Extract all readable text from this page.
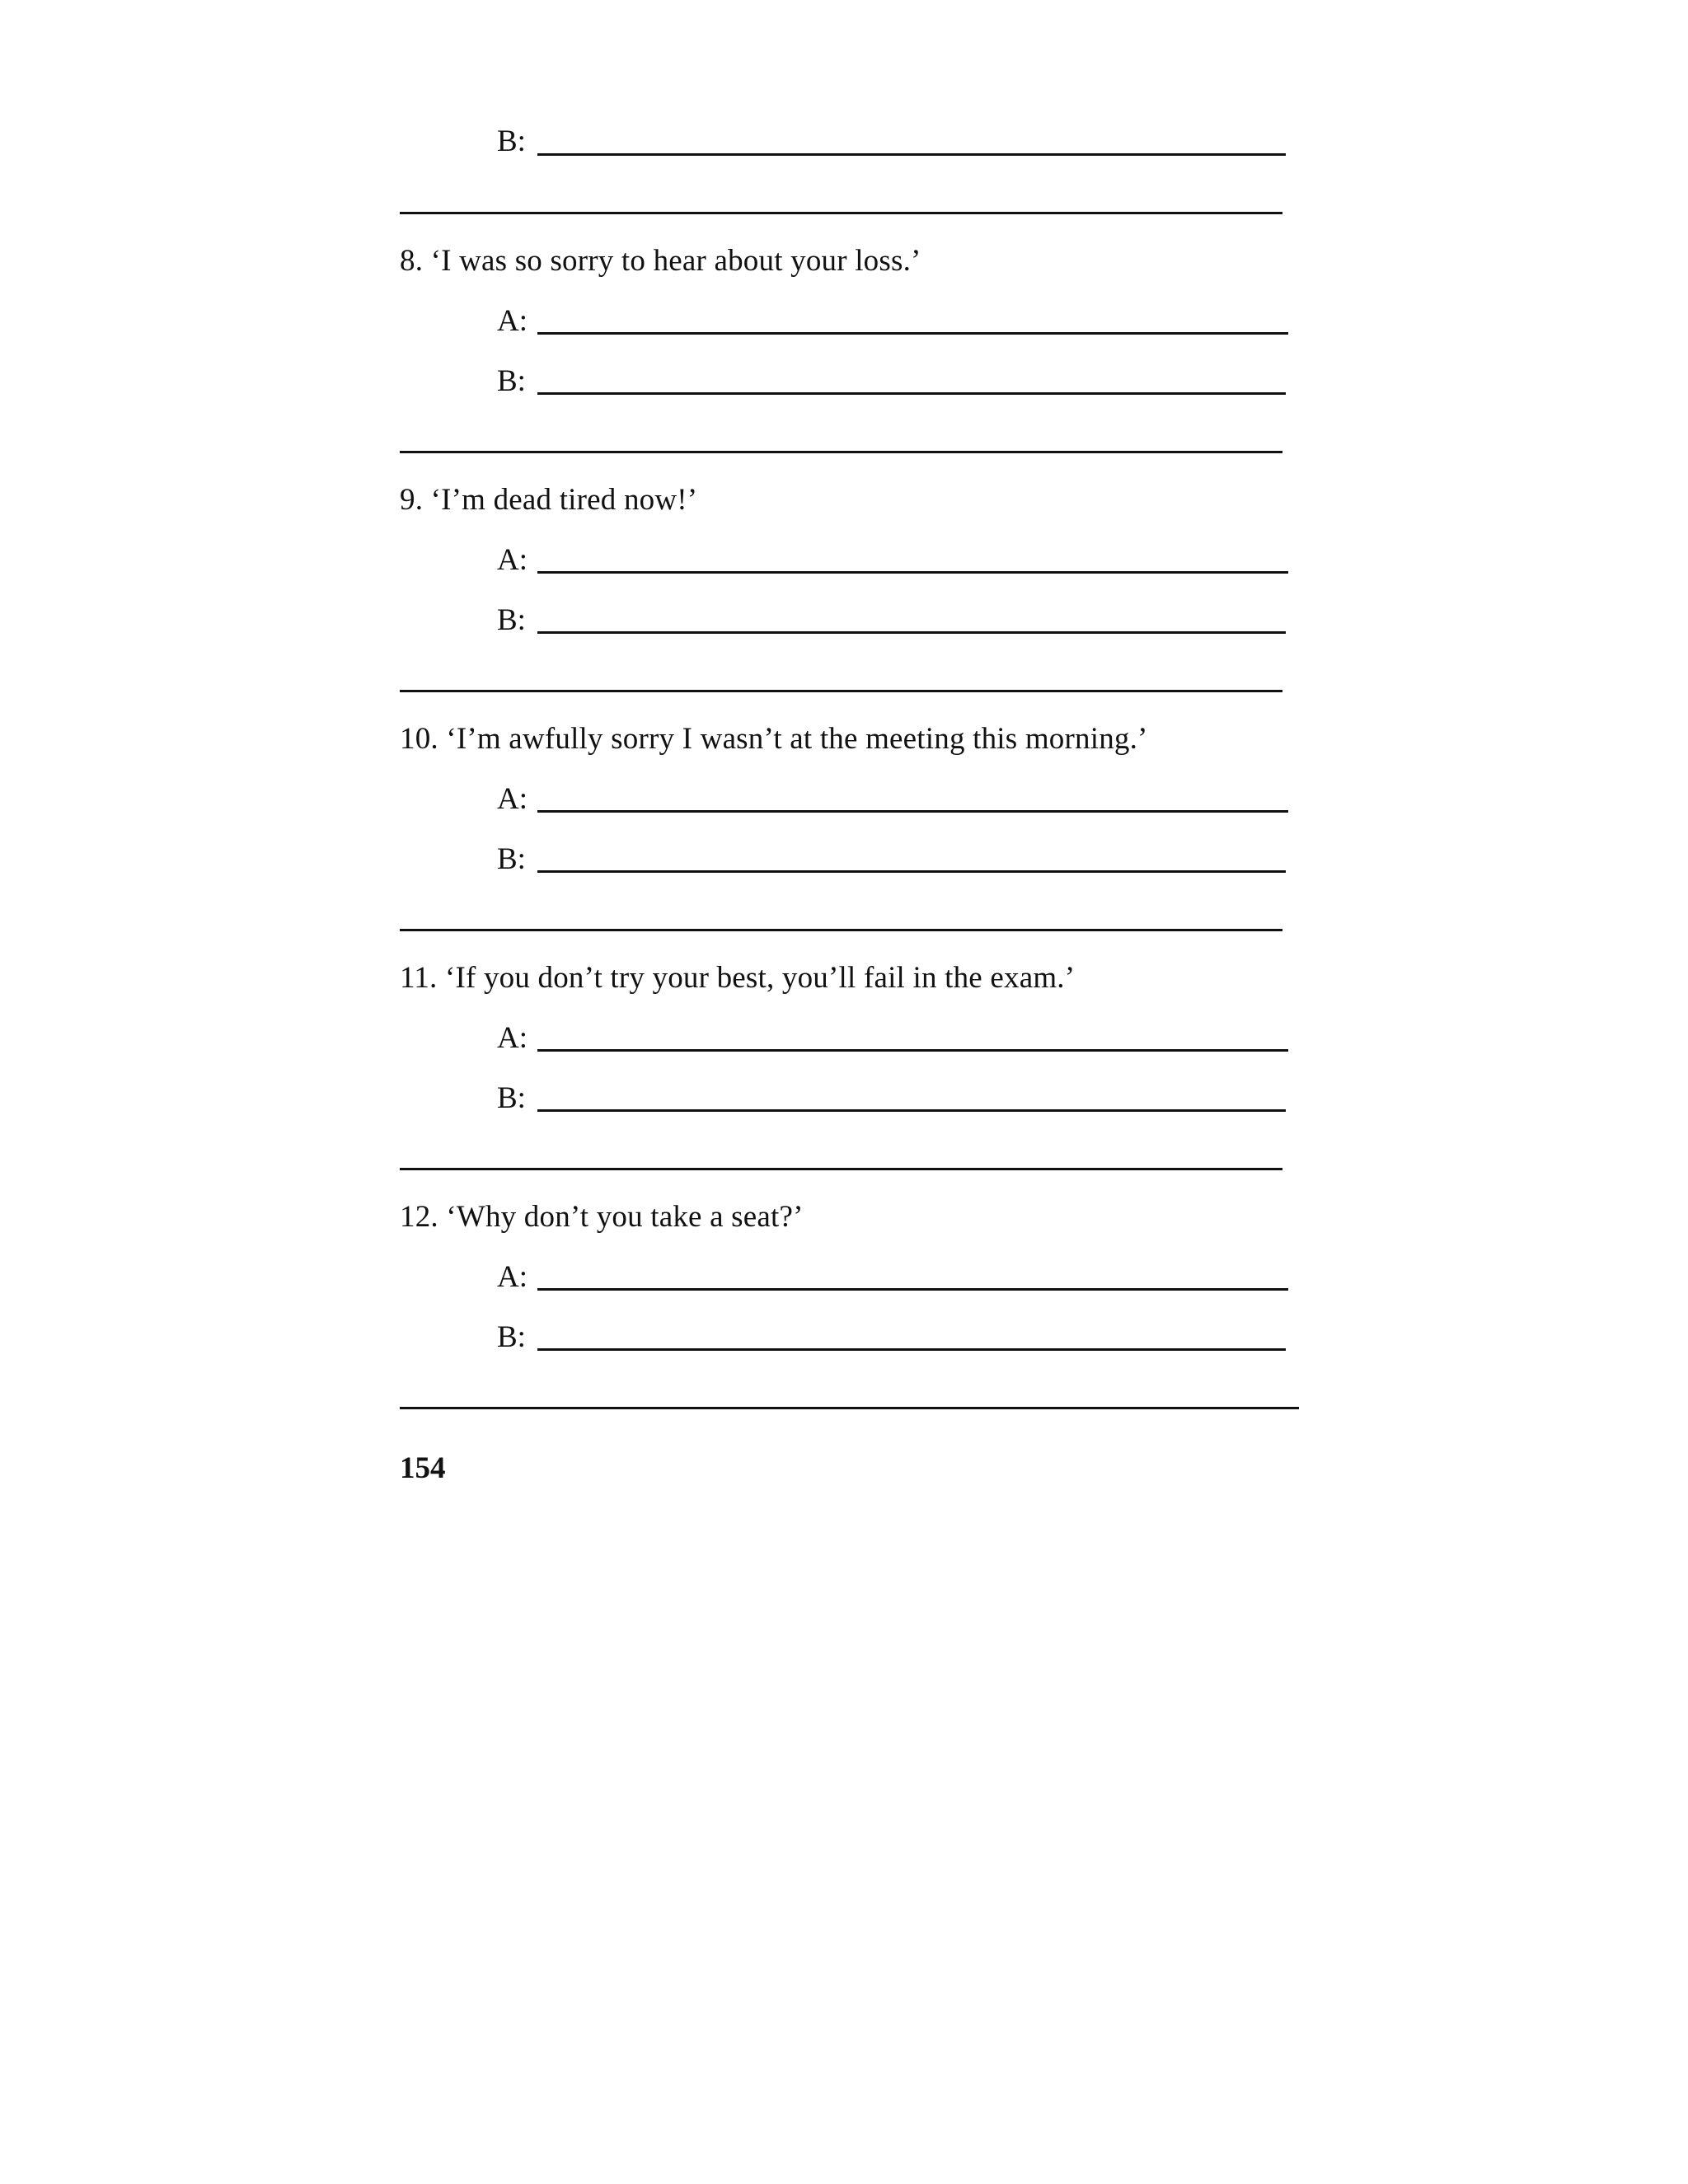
B:
8. ‘I was so sorry to hear about your loss.’
A:
B:
9. ‘I’m dead tired now!’
A:
B:
10. ‘I’m awfully sorry I wasn’t at the meeting this morning.’
A:
B:
11. ‘If you don’t try your best, you’ll fail in the exam.’
A:
B:
12. ‘Why don’t you take a seat?’
A:
B:
154
